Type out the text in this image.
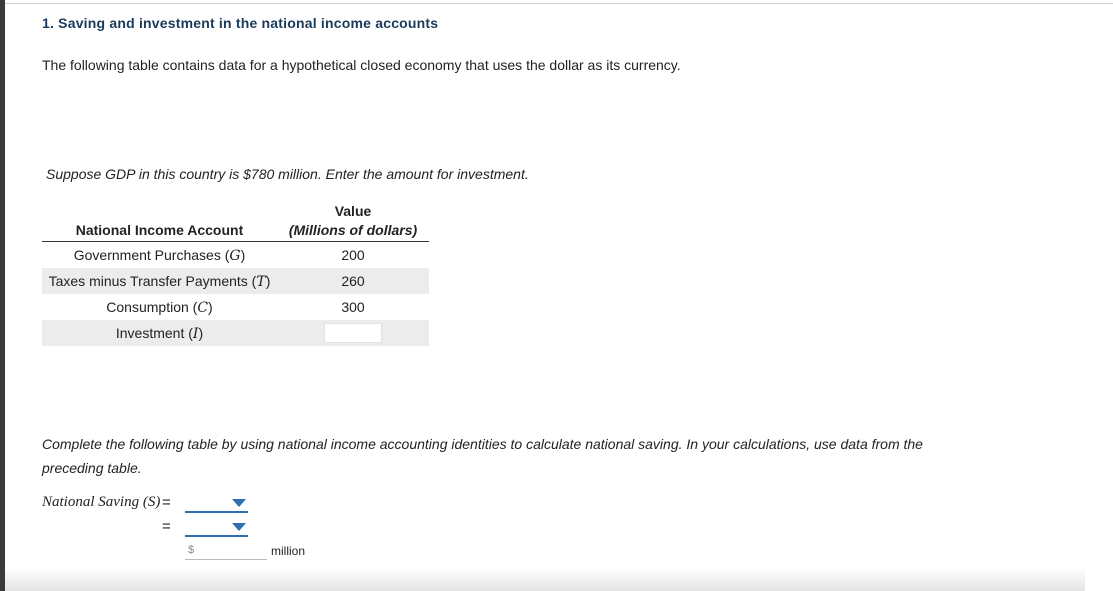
1. Saving and investment in the national income accounts
The following table contains data for a hypothetical closed economy that uses the dollar as its currency.
Suppose GDP in this country is $780 million. Enter the amount for investment.
	Value
National Income Account	(Millions of dollars)
Government Purchases (G)	200
Taxes minus Transfer Payments (T)	260
Consumption (C)	300
Investment (I)	
Complete the following table by using national income accounting identities to calculate national saving. In your calculations, use data from the preceding table.
National Saving (S) =
=
$	million
